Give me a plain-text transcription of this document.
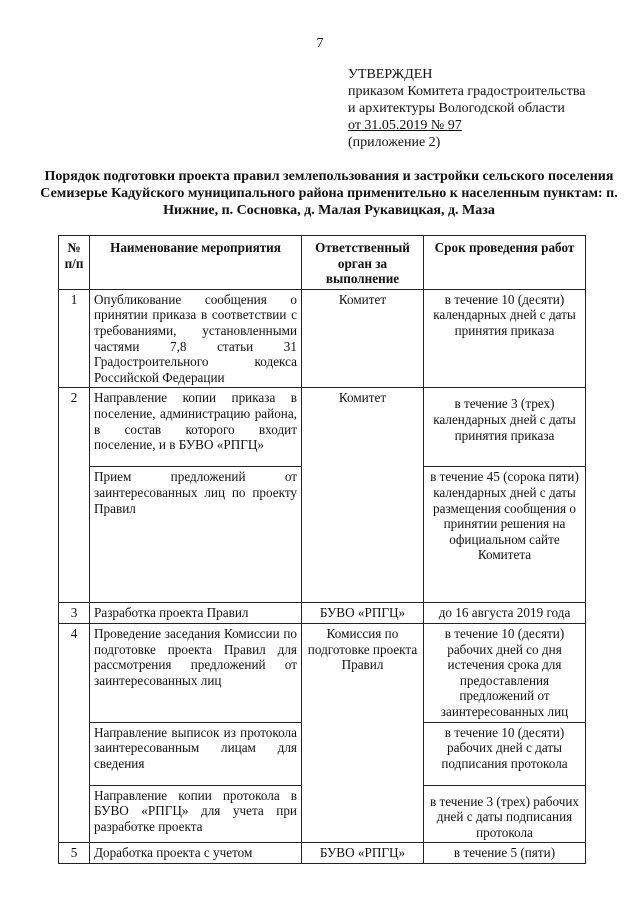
7
УТВЕРЖДЕН
приказом Комитета градостроительства
и архитектуры Вологодской области
от 31.05.2019 № 97
(приложение 2)
Порядок подготовки проекта правил землепользования и застройки сельского поселения Семизерье Кадуйского муниципального района применительно к населенным пунктам: п. Нижние, п. Сосновка, д. Малая Рукавицкая, д. Маза
№ п/п	Наименование мероприятия	Ответственный орган за выполнение	Срок проведения работ
1	Опубликование сообщения о принятии приказа в соответствии с требованиями, установленными частями 7,8 статьи 31 Градостроительного кодекса Российской Федерации	Комитет	в течение 10 (десяти) календарных дней с даты принятия приказа
2	Направление копии приказа в поселение, администрацию района, в состав которого входит поселение, и в БУВО «РПГЦ»	Комитет	в течение 3 (трех) календарных дней с даты принятия приказа
	Прием предложений от заинтересованных лиц по проекту Правил		в течение 45 (сорока пяти) календарных дней с даты размещения сообщения о принятии решения на официальном сайте Комитета
3	Разработка проекта Правил	БУВО «РПГЦ»	до 16 августа 2019 года
4	Проведение заседания Комиссии по подготовке проекта Правил для рассмотрения предложений от заинтересованных лиц	Комиссия по подготовке проекта Правил	в течение 10 (десяти) рабочих дней со дня истечения срока для предоставления предложений от заинтересованных лиц
	Направление выписок из протокола заинтересованным лицам для сведения		в течение 10 (десяти) рабочих дней с даты подписания протокола
	Направление копии протокола в БУВО «РПГЦ» для учета при разработке проекта		в течение 3 (трех) рабочих дней с даты подписания протокола
5	Доработка проекта с учетом	БУВО «РПГЦ»	в течение 5 (пяти)
